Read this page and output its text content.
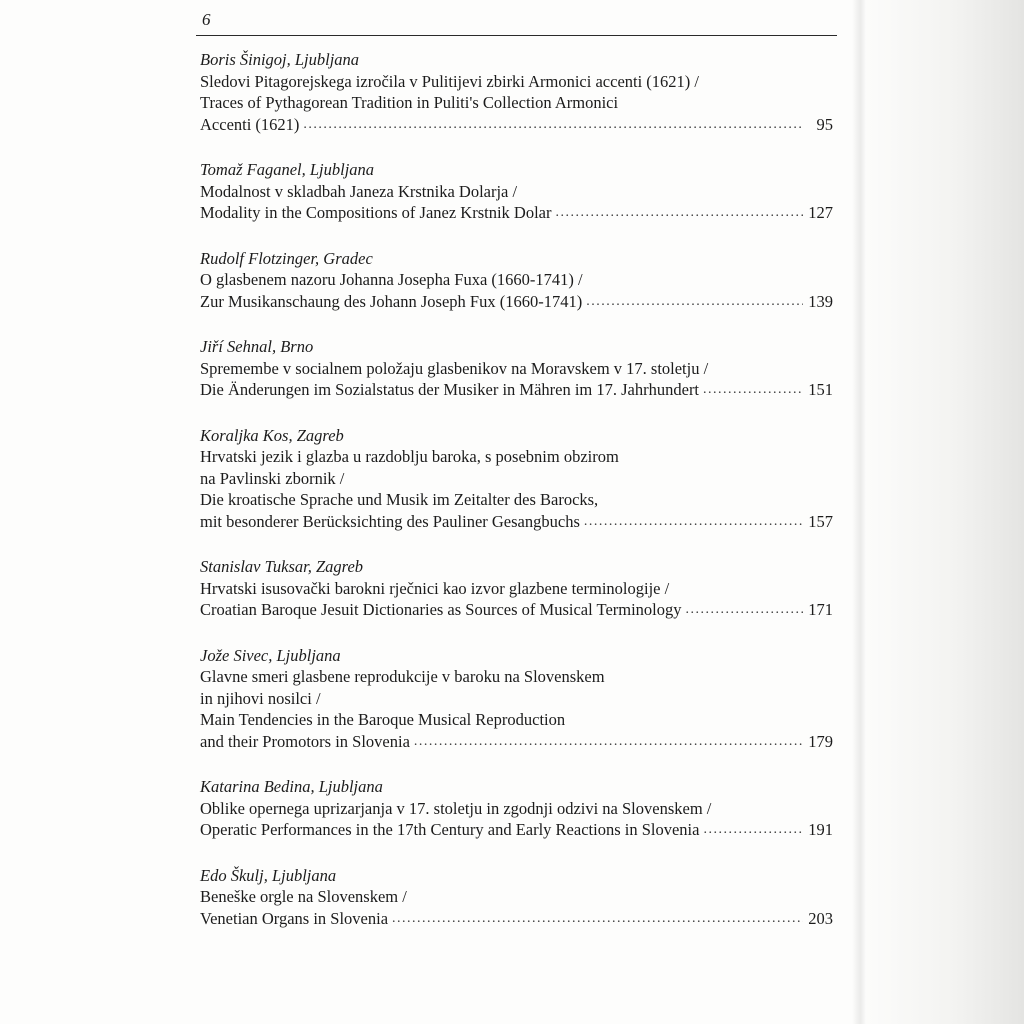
6
Boris Šinigoj, Ljubljana
Sledovi Pitagorejskega izročila v Pulitijevi zbirki Armonici accenti (1621) /
Traces of Pythagorean Tradition in Puliti's Collection Armonici
Accenti (1621) . . .	95
Tomaž Faganel, Ljubljana
Modalnost v skladbah Janeza Krstnika Dolarja /
Modality in the Compositions of Janez Krstnik Dolar . . .	127
Rudolf Flotzinger, Gradec
O glasbenem nazoru Johanna Josepha Fuxa (1660-1741) /
Zur Musikanschaung des Johann Joseph Fux (1660-1741) . . .	139
Jiří Sehnal, Brno
Spremembe v socialnem položaju glasbenikov na Moravskem v 17. stoletju /
Die Änderungen im Sozialstatus der Musiker in Mähren im 17. Jahrhundert . . .	151
Koraljka Kos, Zagreb
Hrvatski jezik i glazba u razdoblju baroka, s posebnim obzirom
na Pavlinski zbornik /
Die kroatische Sprache und Musik im Zeitalter des Barocks,
mit besonderer Berücksichting des Pauliner Gesangbuchs . . .	157
Stanislav Tuksar, Zagreb
Hrvatski isusovački barokni rječnici kao izvor glazbene terminologije /
Croatian Baroque Jesuit Dictionaries as Sources of Musical Terminology . . .	171
Jože Sivec, Ljubljana
Glavne smeri glasbene reprodukcije v baroku na Slovenskem
in njihovi nosilci /
Main Tendencies in the Baroque Musical Reproduction
and their Promotors in Slovenia . . .	179
Katarina Bedina, Ljubljana
Oblike opernega uprizarjanja v 17. stoletju in zgodnji odzivi na Slovenskem /
Operatic Performances in the 17th Century and Early Reactions in Slovenia . . .	191
Edo Škulj, Ljubljana
Beneške orgle na Slovenskem /
Venetian Organs in Slovenia . . .	203
